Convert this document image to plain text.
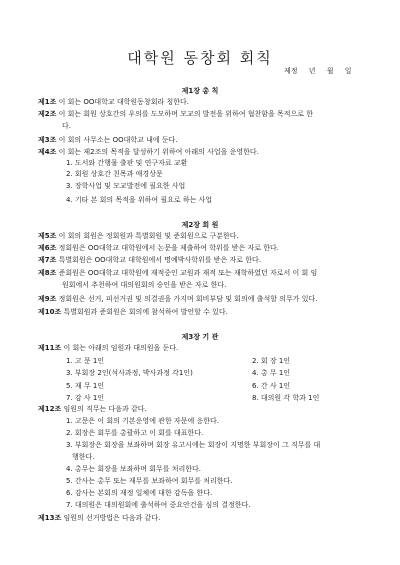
대학원 동창회 회칙
제정 년 월 일
제1장 총 칙
제1조 이 회는 OO대학교 대학원동창회라 칭한다.
제2조 이 회는 회원 상호간의 우의를 도모하며 모교의 발전을 위하여 협찬함을 목적으로 한
다.
제3조 이 회의 사무소는 OO대학교 내에 둔다.
제4조 이 회는 제2조의 목적을 달성하기 위하여 아래의 사업을 운영한다.
1. 도서와 간행물 출판 및 연구자료 교환
2. 회원 상호간 친목과 애경상문
3. 장학사업 및 모교발전에 필요한 사업
4. 기타 본 회의 목적을 위하여 필요로 하는 사업
제2장 회 원
제5조 이 회의 회원은 정회원과 특별회원 및 준회원으로 구분한다.
제6조 정회원은 OO대학교 대학원에서 논문을 제출하여 학위를 받은 자로 한다.
제7조 특별회원은 OO대학교 대학원에서 명예박사학위를 받은 자로 한다.
제8조 준회원은 OO대학교 대학원에 재적중인 교원과 재적 또는 재학하였던 자로서 이 회 임
원회에서 추천하여 대의원회의 승인을 받은 자로 한다.
제9조 정회원은 선거, 피선거권 및 의결권을 가지며 회비부담 및 회의에 출석할 의무가 있다.
제10조 특별회원과 준회원은 회의에 참석하여 발언할 수 있다.
제3장 기 관
제11조 이 회는 아래의 임원과 대의원을 둔다.
1. 고 문 1인	2. 회 장 1인
3. 부회장 2인(석사과정, 박사과정 각1인)	4. 총 무 1인
5. 재 무 1인	6. 간 사 1인
7. 감 사 1인	8. 대의원 각 학과 1인
제12조 임원의 직무는 다음과 같다.
1. 고문은 이 회의 기본운영에 관한 자문에 응한다.
2. 회장은 회무를 총괄하고 이 회를 대표한다.
3. 부회장은 회장을 보좌하며 회장 유고시에는 회장이 지명한 부회장이 그 직무를 대
행한다.
4. 총무는 회장을 보좌하며 회무를 처리한다.
5. 간사는 총무 또는 재무를 보좌하여 회무를 처리한다.
6. 감사는 본회의 재정 일체에 대한 감독을 한다.
7. 대의원은 대의원회에 출석하여 중요안건을 심의 결정한다.
제13조 임원의 선거방법은 다음과 같다.
